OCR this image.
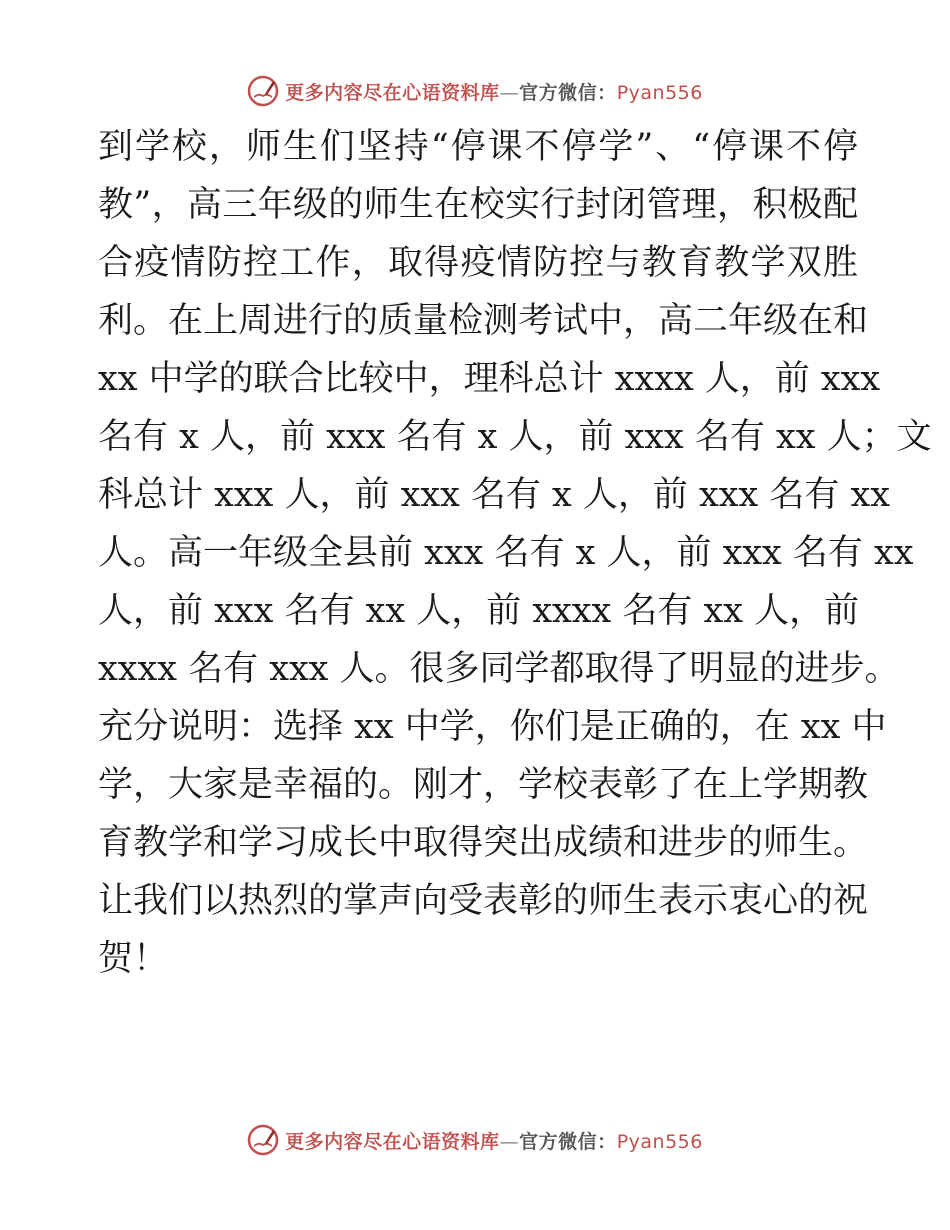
更多内容尽在心语资料库—官方微信：Pyan556
到学校，师生们坚持“停课不停学”、“停课不停
教”，高三年级的师生在校实行封闭管理，积极配
合疫情防控工作，取得疫情防控与教育教学双胜
利。在上周进行的质量检测考试中，高二年级在和
xx 中学的联合比较中，理科总计 xxxx 人，前 xxx
名有 x 人，前 xxx 名有 x 人，前 xxx 名有 xx 人；文
科总计 xxx 人，前 xxx 名有 x 人，前 xxx 名有 xx
人。高一年级全县前 xxx 名有 x 人，前 xxx 名有 xx
人，前 xxx 名有 xx 人，前 xxxx 名有 xx 人，前
xxxx 名有 xxx 人。很多同学都取得了明显的进步。
充分说明：选择 xx 中学，你们是正确的，在 xx 中
学，大家是幸福的。刚才，学校表彰了在上学期教
育教学和学习成长中取得突出成绩和进步的师生。
让我们以热烈的掌声向受表彰的师生表示衷心的祝
贺！
更多内容尽在心语资料库—官方微信：Pyan556
